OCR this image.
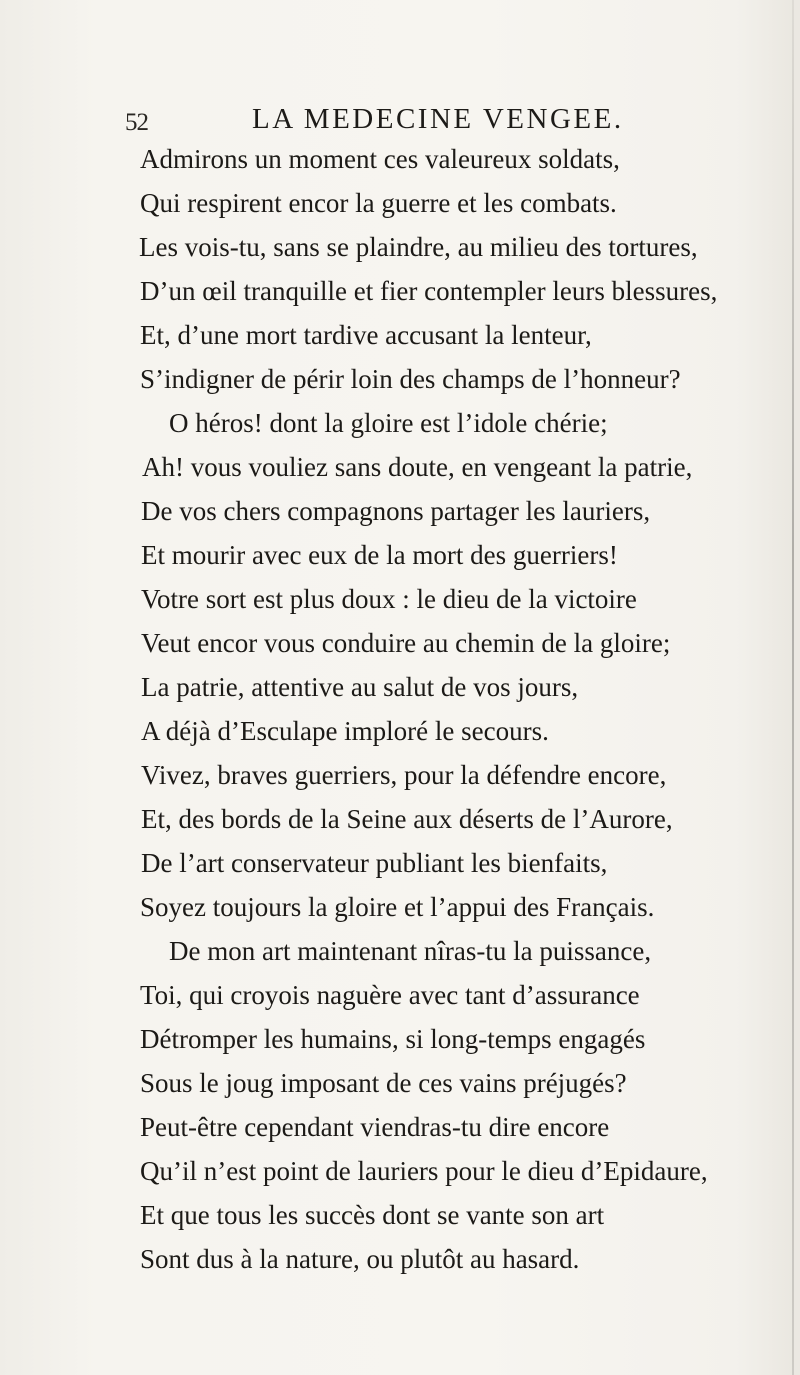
52	LA MEDECINE VENGEE.
Admirons un moment ces valeureux soldats,
Qui respirent encor la guerre et les combats.
Les vois-tu, sans se plaindre, au milieu des tortures,
D’un œil tranquille et fier contempler leurs blessures,
Et, d’une mort tardive accusant la lenteur,
S’indigner de périr loin des champs de l’honneur?
O héros! dont la gloire est l’idole chérie;
Ah! vous vouliez sans doute, en vengeant la patrie,
De vos chers compagnons partager les lauriers,
Et mourir avec eux de la mort des guerriers!
Votre sort est plus doux : le dieu de la victoire
Veut encor vous conduire au chemin de la gloire;
La patrie, attentive au salut de vos jours,
A déjà d’Esculape imploré le secours.
Vivez, braves guerriers, pour la défendre encore,
Et, des bords de la Seine aux déserts de l’Aurore,
De l’art conservateur publiant les bienfaits,
Soyez toujours la gloire et l’appui des Français.
De mon art maintenant nîras-tu la puissance,
Toi, qui croyois naguère avec tant d’assurance
Détromper les humains, si long-temps engagés
Sous le joug imposant de ces vains préjugés?
Peut-être cependant viendras-tu dire encore
Qu’il n’est point de lauriers pour le dieu d’Epidaure,
Et que tous les succès dont se vante son art
Sont dus à la nature, ou plutôt au hasard.
